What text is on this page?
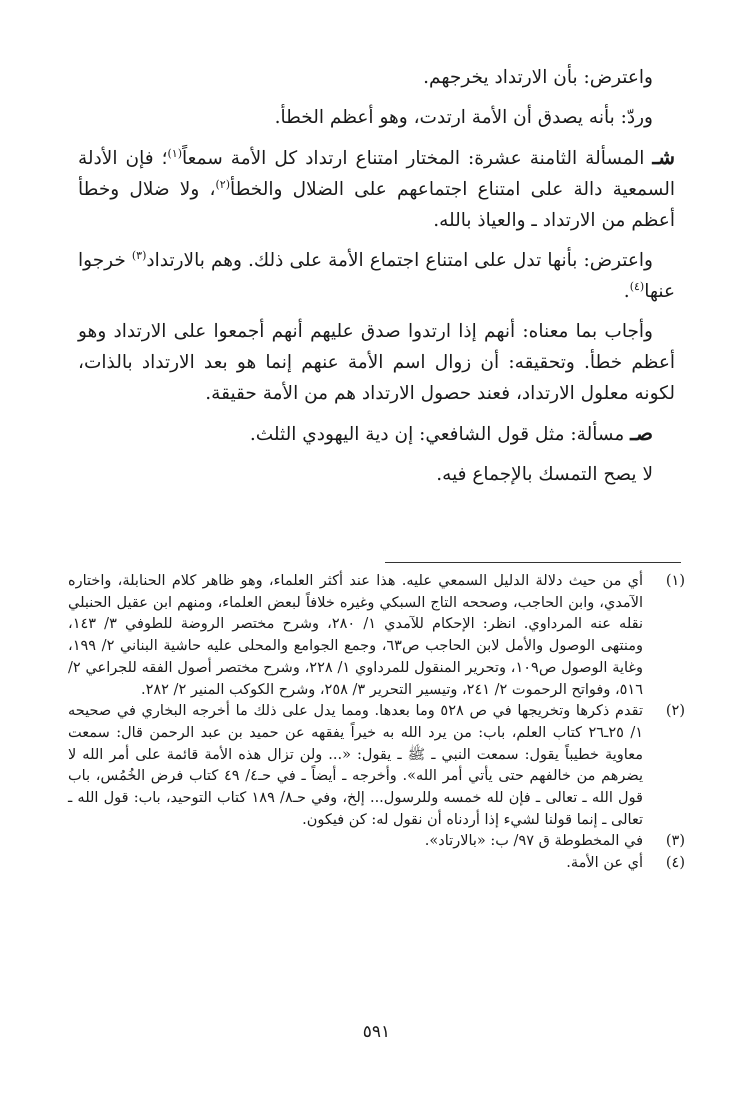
واعترض: بأن الارتداد يخرجهم.

وردّ: بأنه يصدق أن الأمة ارتدت، وهو أعظم الخطأ.

شـ المسألة الثامنة عشرة: المختار امتناع ارتداد كل الأمة سمعاً$^{(١)}$؛ فإن الأدلة السمعية دالة على امتناع اجتماعهم على الضلال والخطأ$^{(٢)}$، ولا ضلال وخطأ أعظم من الارتداد ـ والعياذ بالله.

واعترض: بأنها تدل على امتناع اجتماع الأمة على ذلك. وهم بالارتداد$^{(٣)}$ خرجوا عنها$^{(٤)}$.

وأجاب بما معناه: أنهم إذا ارتدوا صدق عليهم أنهم أجمعوا على الارتداد وهو أعظم خطأ. وتحقيقه: أن زوال اسم الأمة عنهم إنما هو بعد الارتداد بالذات، لكونه معلول الارتداد، فعند حصول الارتداد هم من الأمة حقيقة.

صـ مسألة: مثل قول الشافعي: إن دية اليهودي الثلث.

لا يصح التمسك بالإجماع فيه.

(١)
أي من حيث دلالة الدليل السمعي عليه. هذا عند أكثر العلماء، وهو ظاهر كلام الحنابلة، واختاره الآمدي، وابن الحاجب، وصححه التاج السبكي وغيره خلافاً لبعض العلماء، ومنهم ابن عقيل الحنبلي نقله عنه المرداوي. انظر: الإحكام للآمدي ١/ ٢٨٠، وشرح مختصر الروضة للطوفي ٣/ ١٤٣، ومنتهى الوصول والأمل لابن الحاجب ص٦٣، وجمع الجوامع والمحلى عليه حاشية البناني ٢/ ١٩٩، وغاية الوصول ص١٠٩، وتحرير المنقول للمرداوي ١/ ٢٢٨، وشرح مختصر أصول الفقه للجراعي ٢/ ٥١٦، وفواتح الرحموت ٢/ ٢٤١، وتيسير التحرير ٣/ ٢٥٨، وشرح الكوكب المنير ٢/ ٢٨٢.
(٢)
تقدم ذكرها وتخريجها في ص ٥٢٨ وما بعدها. ومما يدل على ذلك ما أخرجه البخاري في صحيحه ١/ ٢٥ـ٢٦ كتاب العلم، باب: من يرد الله به خيراً يفقهه عن حميد بن عبد الرحمن قال: سمعت معاوية خطيباً يقول: سمعت النبي ـ ﷺ ـ يقول: «... ولن تزال هذه الأمة قائمة على أمر الله لا يضرهم من خالفهم حتى يأتي أمر الله». وأخرجه ـ أيضاً ـ في حـ٤/ ٤٩ كتاب فرض الخُمُس، باب قول الله ـ تعالى ـ فإن لله خمسه وللرسول... إلخ، وفي حـ٨/ ١٨٩ كتاب التوحيد، باب: قول الله ـ تعالى ـ إنما قولنا لشيء إذا أردناه أن نقول له: كن فيكون.
(٣)
في المخطوطة ق ٩٧/ ب: «بالارتاد».
(٤)
أي عن الأمة.
٥٩١
